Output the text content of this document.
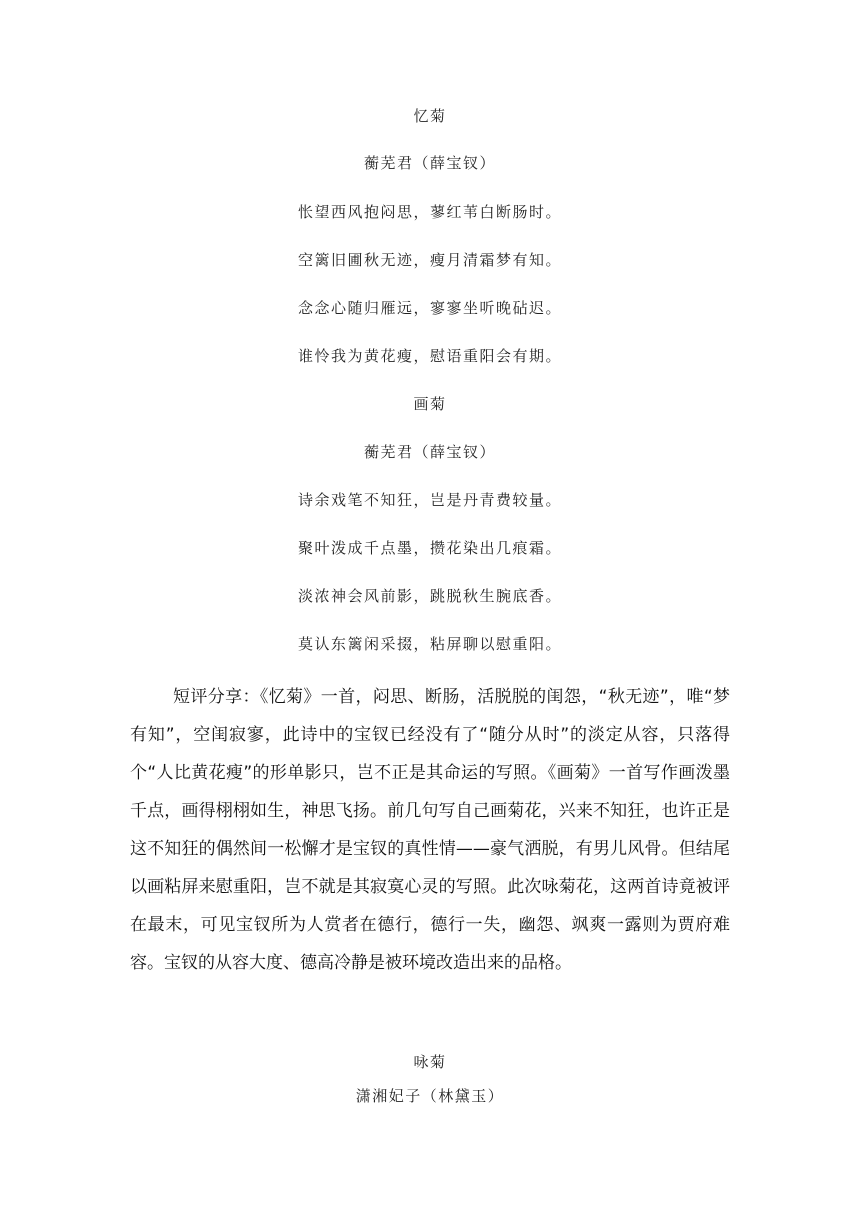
忆菊
蘅芜君（薛宝钗）
怅望西风抱闷思，蓼红苇白断肠时。
空篱旧圃秋无迹，瘦月清霜梦有知。
念念心随归雁远，寥寥坐听晚砧迟。
谁怜我为黄花瘦，慰语重阳会有期。
画菊
蘅芜君（薛宝钗）
诗余戏笔不知狂，岂是丹青费较量。
聚叶泼成千点墨，攒花染出几痕霜。
淡浓神会风前影，跳脱秋生腕底香。
莫认东篱闲采掇，粘屏聊以慰重阳。

短评分享：《忆菊》一首，闷思、断肠，活脱脱的闺怨，“秋无迹”，唯“梦有知”，空闺寂寥，此诗中的宝钗已经没有了“随分从时”的淡定从容，只落得个“人比黄花瘦”的形单影只，岂不正是其命运的写照。《画菊》一首写作画泼墨千点，画得栩栩如生，神思飞扬。前几句写自己画菊花，兴来不知狂，也许正是这不知狂的偶然间一松懈才是宝钗的真性情——豪气洒脱，有男儿风骨。但结尾以画粘屏来慰重阳，岂不就是其寂寞心灵的写照。此次咏菊花，这两首诗竟被评在最末，可见宝钗所为人赏者在德行，德行一失，幽怨、飒爽一露则为贾府难容。宝钗的从容大度、德高冷静是被环境改造出来的品格。

咏菊
潇湘妃子（林黛玉）
